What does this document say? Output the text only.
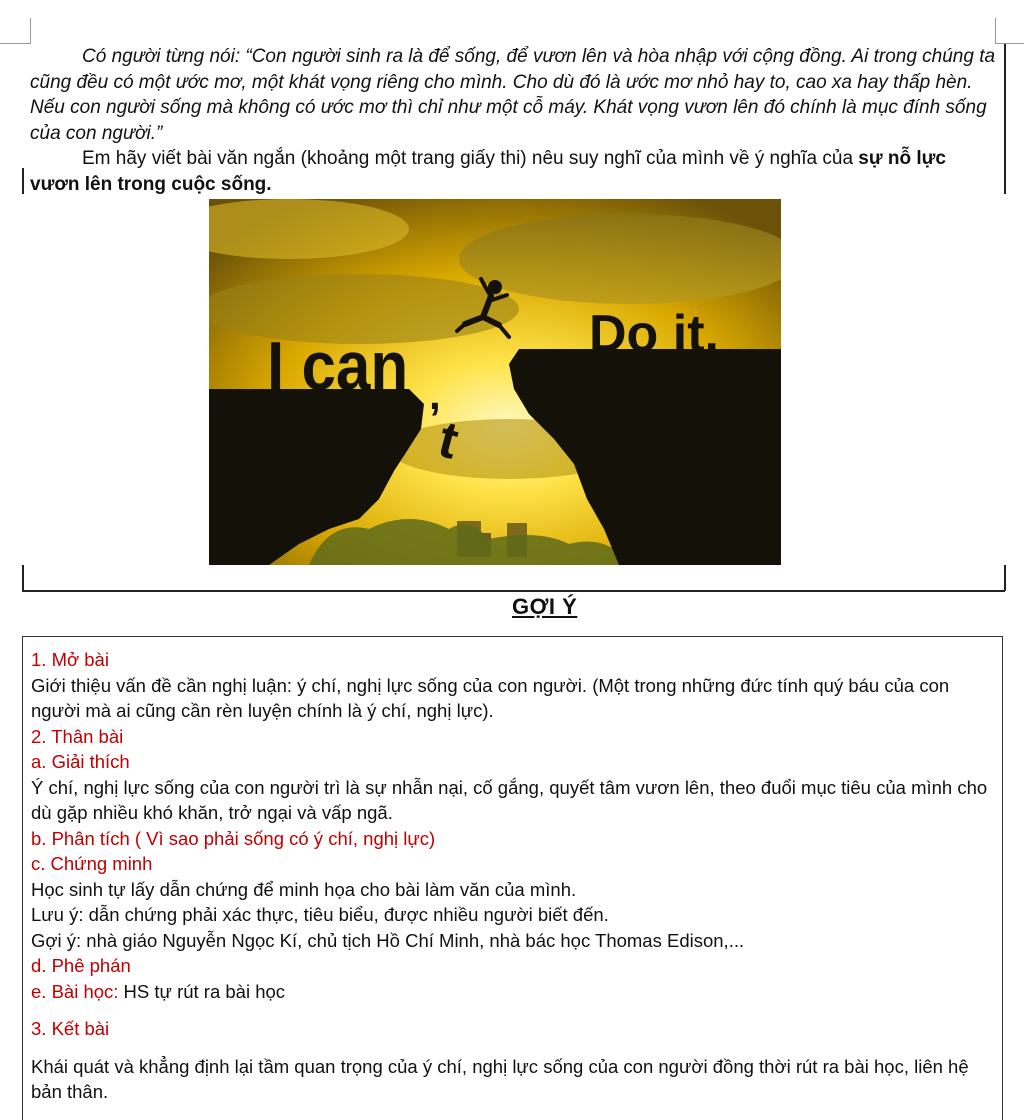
Có người từng nói: “Con người sinh ra là để sống, để vươn lên và hòa nhập với cộng đồng. Ai trong chúng ta cũng đều có một ước mơ, một khát vọng riêng cho mình. Cho dù đó là ước mơ nhỏ hay to, cao xa hay thấp hèn. Nếu con người sống mà không có ước mơ thì chỉ như một cỗ máy. Khát vọng vươn lên đó chính là mục đính sống của con người.”

Em hãy viết bài văn ngắn (khoảng một trang giấy thi) nêu suy nghĩ của mình về ý nghĩa của sự nỗ lực vươn lên trong cuộc sống.

I can ,
t
Do it.
GỢI Ý

1. Mở bài

Giới thiệu vấn đề cần nghị luận: ý chí, nghị lực sống của con người. (Một trong những đức tính quý báu của con người mà ai cũng cần rèn luyện chính là ý chí, nghị lực).

2. Thân bài

a. Giải thích

Ý chí, nghị lực sống của con người trì là sự nhẫn nại, cố gắng, quyết tâm vươn lên, theo đuổi mục tiêu của mình cho dù gặp nhiều khó khăn, trở ngại và vấp ngã.

b. Phân tích ( Vì sao phải sống có ý chí, nghị lực)

c. Chứng minh

Học sinh tự lấy dẫn chứng để minh họa cho bài làm văn của mình.

Lưu ý: dẫn chứng phải xác thực, tiêu biểu, được nhiều người biết đến.

Gợi ý: nhà giáo Nguyễn Ngọc Kí, chủ tịch Hồ Chí Minh, nhà bác học Thomas Edison,...

d. Phê phán

e. Bài học: HS tự rút ra bài học

3. Kết bài

Khái quát và khẳng định lại tầm quan trọng của ý chí, nghị lực sống của con người đồng thời rút ra bài học, liên hệ bản thân.
